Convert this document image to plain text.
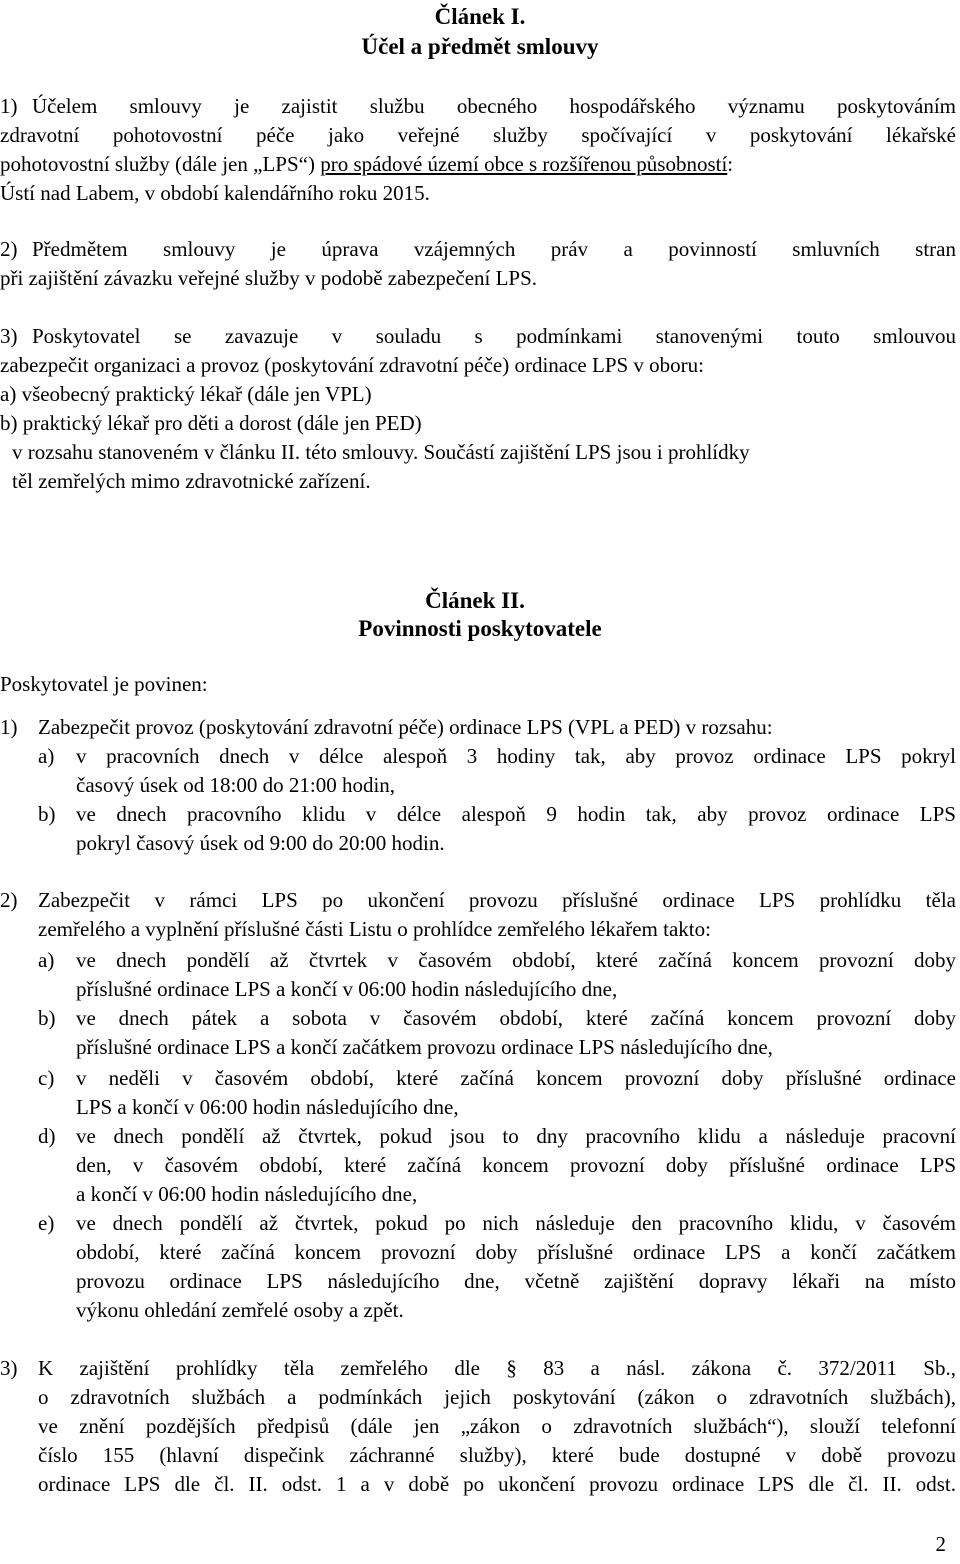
Článek I.
Účel a předmět smlouvy
1) Účelem smlouvy je zajistit službu obecného hospodářského významu poskytováním
zdravotní pohotovostní péče jako veřejné služby spočívající v poskytování lékařské
pohotovostní služby (dále jen „LPS“) pro spádové území obce s rozšířenou působností:
Ústí nad Labem, v období kalendářního roku 2015.
2) Předmětem smlouvy je úprava vzájemných práv a povinností smluvních stran
při zajištění závazku veřejné služby v podobě zabezpečení LPS.
3) Poskytovatel se zavazuje v souladu s podmínkami stanovenými touto smlouvou
zabezpečit organizaci a provoz (poskytování zdravotní péče) ordinace LPS v oboru:
a) všeobecný praktický lékař (dále jen VPL)
b) praktický lékař pro děti a dorost (dále jen PED)
v rozsahu stanoveném v článku II. této smlouvy. Součástí zajištění LPS jsou i prohlídky
těl zemřelých mimo zdravotnické zařízení.
Článek II.
Povinnosti poskytovatele
Poskytovatel je povinen:
1) Zabezpečit provoz (poskytování zdravotní péče) ordinace LPS (VPL a PED) v rozsahu:
a) v pracovních dnech v délce alespoň 3 hodiny tak, aby provoz ordinace LPS pokryl
časový úsek od 18:00 do 21:00 hodin,
b) ve dnech pracovního klidu v délce alespoň 9 hodin tak, aby provoz ordinace LPS
pokryl časový úsek od 9:00 do 20:00 hodin.
2) Zabezpečit v rámci LPS po ukončení provozu příslušné ordinace LPS prohlídku těla
zemřelého a vyplnění příslušné části Listu o prohlídce zemřelého lékařem takto:
a) ve dnech pondělí až čtvrtek v časovém období, které začíná koncem provozní doby
příslušné ordinace LPS a končí v 06:00 hodin následujícího dne,
b) ve dnech pátek a sobota v časovém období, které začíná koncem provozní doby
příslušné ordinace LPS a končí začátkem provozu ordinace LPS následujícího dne,
c) v neděli v časovém období, které začíná koncem provozní doby příslušné ordinace
LPS a končí v 06:00 hodin následujícího dne,
d) ve dnech pondělí až čtvrtek, pokud jsou to dny pracovního klidu a následuje pracovní
den, v časovém období, které začíná koncem provozní doby příslušné ordinace LPS
a končí v 06:00 hodin následujícího dne,
e) ve dnech pondělí až čtvrtek, pokud po nich následuje den pracovního klidu, v časovém
období, které začíná koncem provozní doby příslušné ordinace LPS a končí začátkem
provozu ordinace LPS následujícího dne, včetně zajištění dopravy lékaři na místo
výkonu ohledání zemřelé osoby a zpět.
3) K zajištění prohlídky těla zemřelého dle § 83 a násl. zákona č. 372/2011 Sb.,
o zdravotních službách a podmínkách jejich poskytování (zákon o zdravotních službách),
ve znění pozdějších předpisů (dále jen „zákon o zdravotních službách“), slouží telefonní
číslo 155 (hlavní dispečink záchranné služby), které bude dostupné v době provozu
ordinace LPS dle čl. II. odst. 1 a v době po ukončení provozu ordinace LPS dle čl. II. odst.
2
